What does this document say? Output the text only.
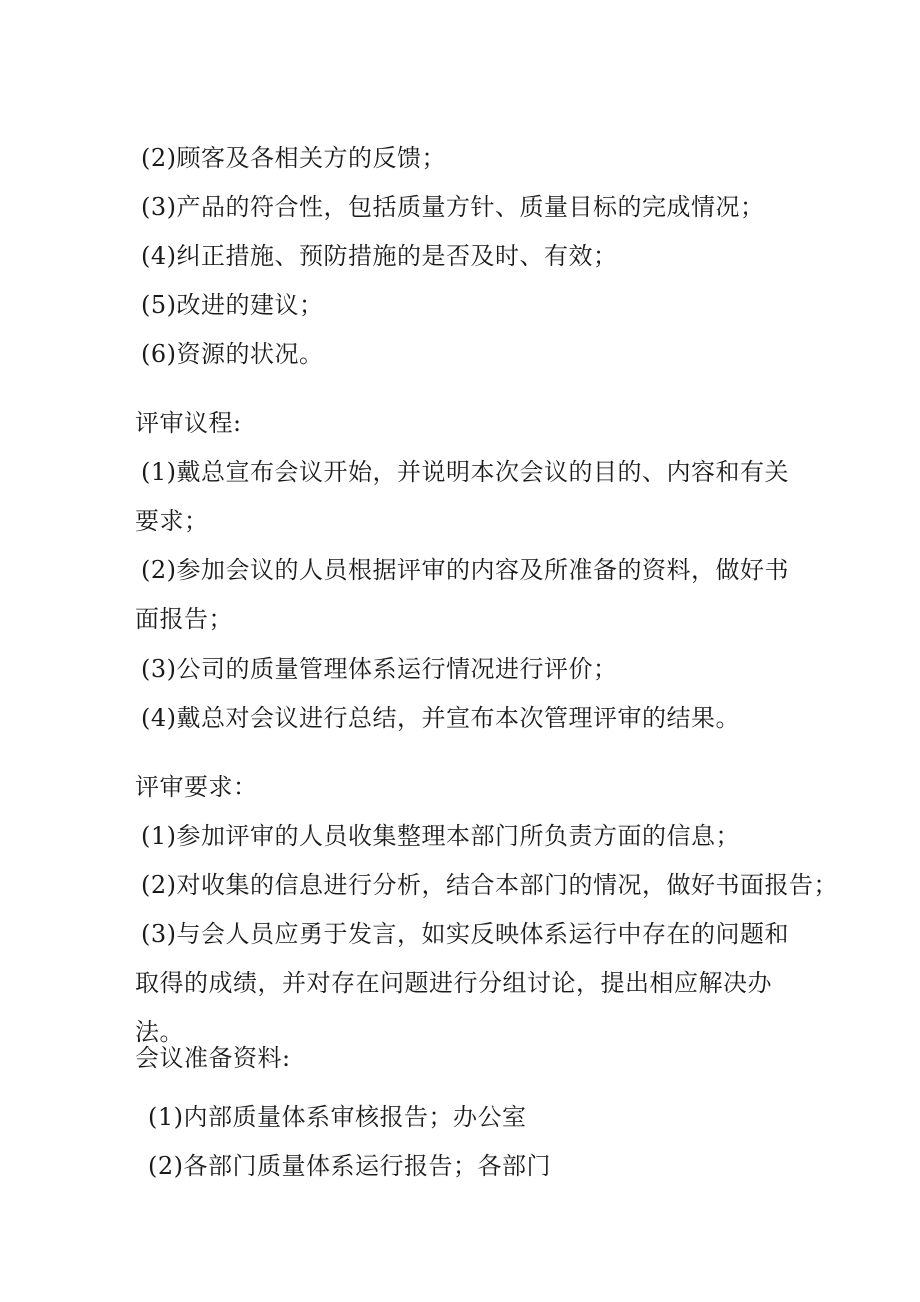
(2)顾客及各相关方的反馈；
(3)产品的符合性，包括质量方针、质量目标的完成情况；
(4)纠正措施、预防措施的是否及时、有效；
(5)改进的建议；
(6)资源的状况。
评审议程:
(1)戴总宣布会议开始，并说明本次会议的目的、内容和有关要求；
(2)参加会议的人员根据评审的内容及所准备的资料，做好书面报告；
(3)公司的质量管理体系运行情况进行评价；
(4)戴总对会议进行总结，并宣布本次管理评审的结果。
评审要求：
(1)参加评审的人员收集整理本部门所负责方面的信息；
(2)对收集的信息进行分析，结合本部门的情况，做好书面报告；
(3)与会人员应勇于发言，如实反映体系运行中存在的问题和取得的成绩，并对存在问题进行分组讨论，提出相应解决办法。
会议准备资料:
(1)内部质量体系审核报告；办公室
(2)各部门质量体系运行报告；各部门
